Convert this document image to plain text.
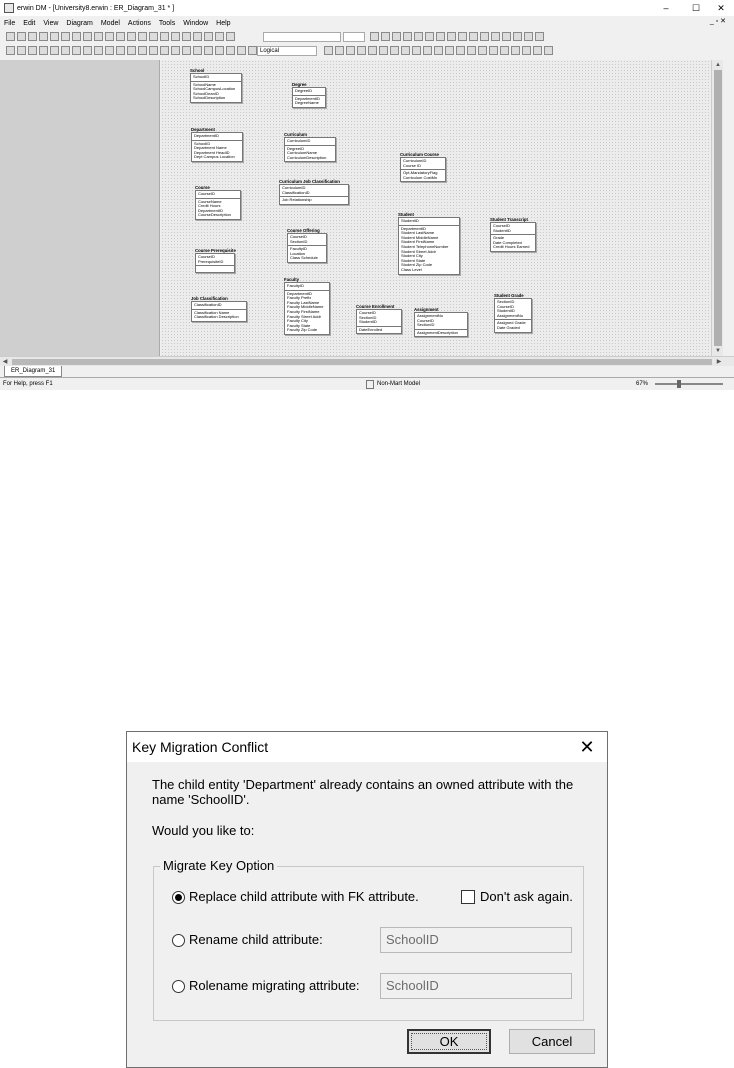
erwin DM - [University8.erwin : ER_Diagram_31 * ]	–	☐	✕
File Edit View Diagram Model Actions Tools Window Help	_ ▫ ✕
Logical
School
SchoolID
SchoolName
SchoolCampusLocation
SchoolDeanID
SchoolDescription
Degree
DegreeID
DepartmentID
DegreeName
Department
DepartmentID
SchoolID
Department Name
Department HeadID
Dept Campus Location
Curriculum
CurriculumID
DegreeID
CurriculumName
CurriculumDescription
Curriculum Course
CurriculumID
Course ID
Opt-MandatoryFlag
Curriculum CostMn
Course
CourseID
CourseName
Credit Hours
DepartmentID
CourseDescription
Curriculum Job Classification
CurriculumID
ClassificationID
Job Relationship
Course Offering
CourseID
SectionID
FacultyID
Location
Class Schedule
Student
StudentID
DepartmentID
Student LastName
Student MiddleName
Student FirstName
Student TelephoneNumber
Student Street Addr
Student City
Student State
Student Zip Code
Class Level
Student Transcript
CourseID
StudentID
Grade
Date Completed
Credit Hours Earned
Course Prerequisite
CourseID
PrerequisiteID
Faculty
FacultyID
DepartmentID
Faculty Prefix
Faculty LastName
Faculty MiddleName
Faculty FirstName
Faculty Street Addr
Faculty City
Faculty State
Faculty Zip Code
Job Classification
ClassificationID
Classification Name
Classification Description
Course Enrollment
CourseID
SectionID
StudentID
DateEnrolled
Assignment
AssignmentNo
CourseID
SectionID
AssignmentDescription
Student Grade
SectionID
CourseID
StudentID
AssignmentNo
Assigned Grade
Date Graded
▲
▼
◀	▶
ER_Diagram_31
For Help, press F1	Non-Mart Model	67%
Key Migration Conflict	✕
The child entity 'Department' already contains an owned attribute with the name 'SchoolID'.
Would you like to:
Migrate Key Option
Replace child attribute with FK attribute.	Don't ask again.
Rename child attribute:	SchoolID
Rolename migrating attribute:	SchoolID
OK	Cancel
